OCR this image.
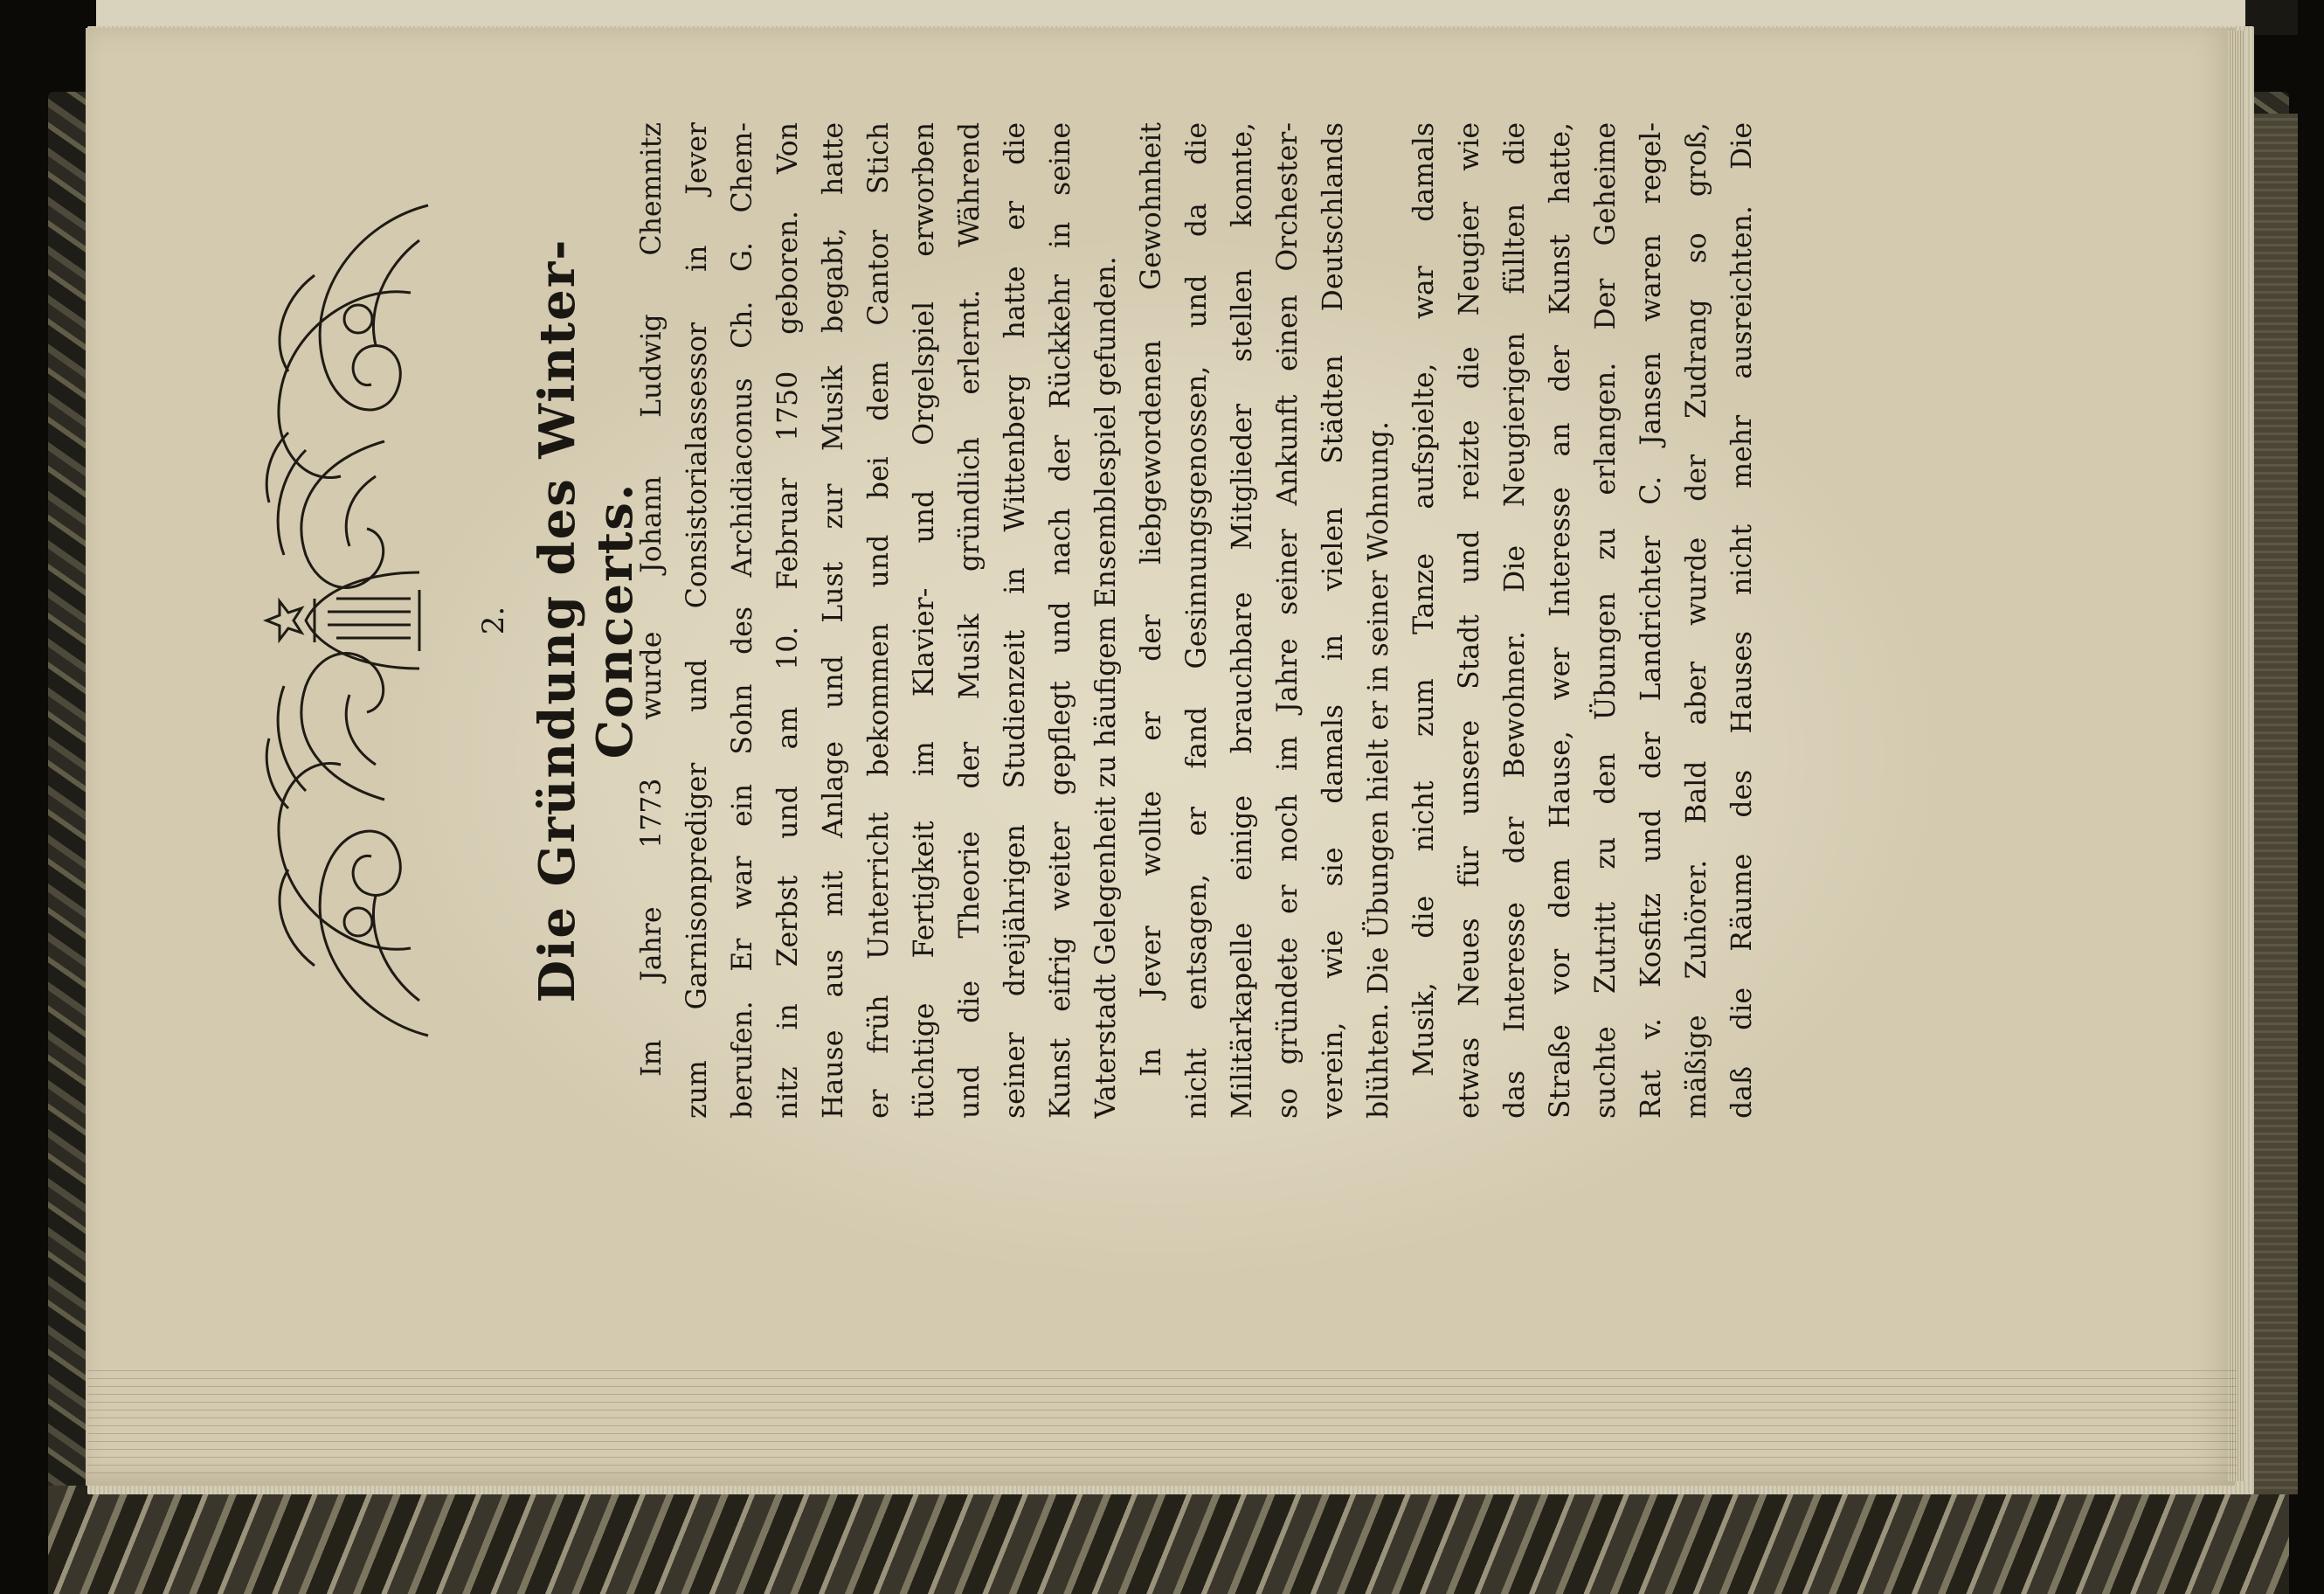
2. Die Gründung des Winter-Concerts.
Im Jahre 1773 wurde Johann Ludwig Chemnitz zum Garnisonprediger und Consistorialassessor in Jever berufen. Er war ein Sohn des Archidiaconus Ch. G. Chem- nitz in Zerbst und am 10. Februar 1750 geboren. Von Hause aus mit Anlage und Lust zur Musik begabt, hatte er früh Unterricht bekommen und bei dem Cantor Stich tüchtige Fertigkeit im Klavier- und Orgelspiel erworben und die Theorie der Musik gründlich erlernt. Während seiner dreijährigen Studienzeit in Wittenberg hatte er die Kunst eifrig weiter gepflegt und nach der Rückkehr in seine Vaterstadt Gelegenheit zu häufigem Ensemblespiel gefunden. In Jever wollte er der liebgewordenen Gewohnheit nicht entsagen, er fand Gesinnungsgenossen, und da die Militärkapelle einige brauchbare Mitglieder stellen konnte, so gründete er noch im Jahre seiner Ankunft einen Orchester- verein, wie sie damals in vielen Städten Deutschlands blühten. Die Übungen hielt er in seiner Wohnung. Musik, die nicht zum Tanze aufspielte, war damals etwas Neues für unsere Stadt und reizte die Neugier wie das Interesse der Bewohner. Die Neugierigen füllten die Straße vor dem Hause, wer Interesse an der Kunst hatte, suchte Zutritt zu den Übungen zu erlangen. Der Geheime Rat v. Kosfitz und der Landrichter C. Jansen waren regel- mäßige Zuhörer. Bald aber wurde der Zudrang so groß, daß die Räume des Hauses nicht mehr ausreichten. Die
